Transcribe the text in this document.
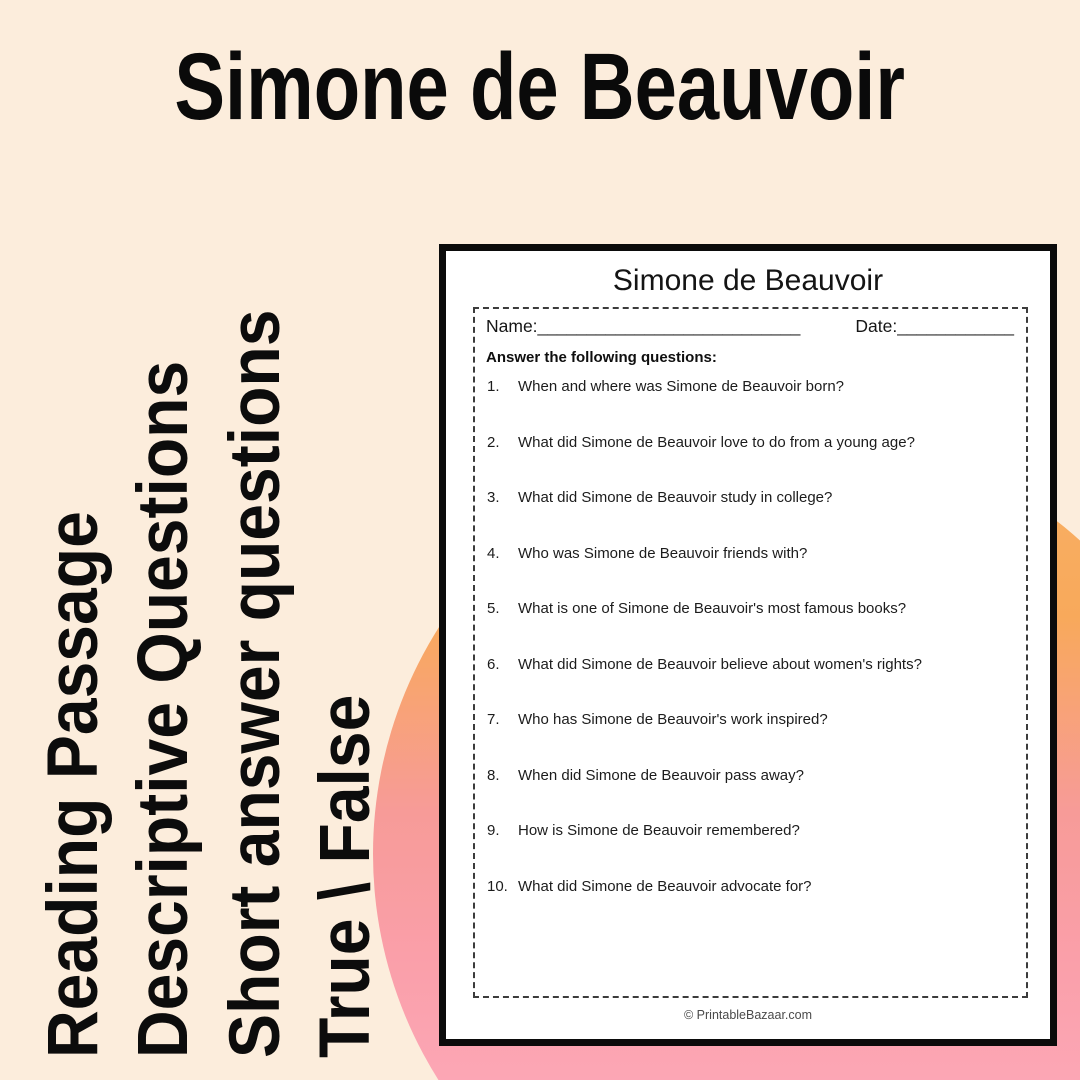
Simone de Beauvoir
Reading Passage Descriptive Questions Short answer questions True \ False
Simone de Beauvoir
Name:___________________________	Date:____________
Answer the following questions:
1.	When and where was Simone de Beauvoir born?
2.	What did Simone de Beauvoir love to do from a young age?
3.	What did Simone de Beauvoir study in college?
4.	Who was Simone de Beauvoir friends with?
5.	What is one of Simone de Beauvoir's most famous books?
6.	What did Simone de Beauvoir believe about women's rights?
7.	Who has Simone de Beauvoir's work inspired?
8.	When did Simone de Beauvoir pass away?
9.	How is Simone de Beauvoir remembered?
10. What did Simone de Beauvoir advocate for?
© PrintableBazaar.com
